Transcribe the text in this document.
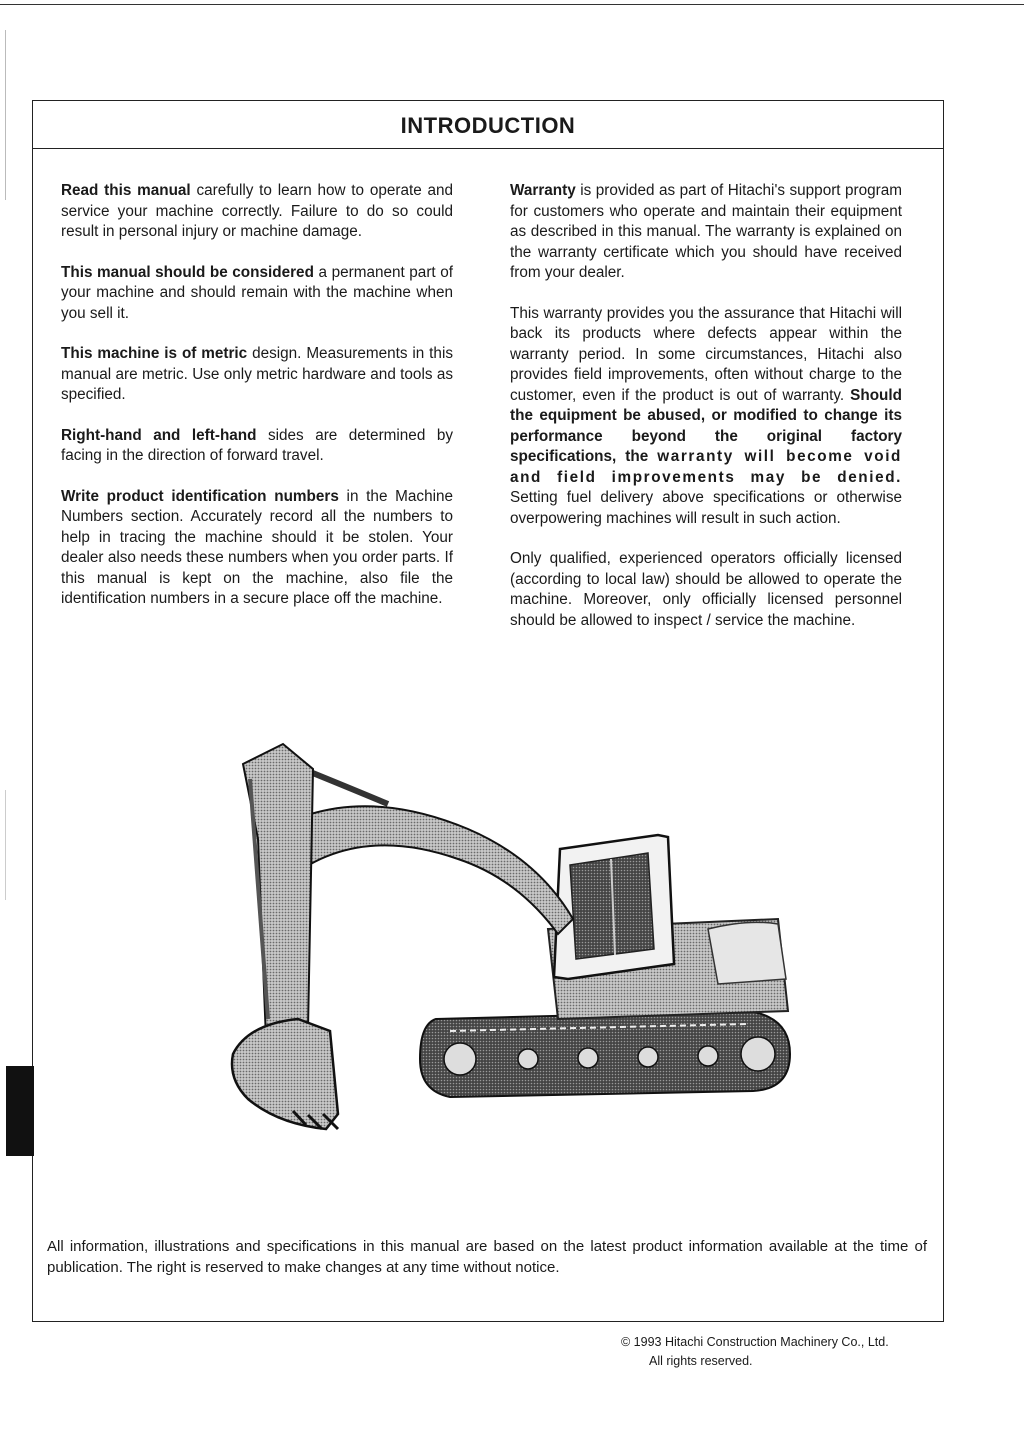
INTRODUCTION

Read this manual carefully to learn how to operate and service your machine correctly. Failure to do so could result in personal injury or machine damage.

This manual should be considered a permanent part of your machine and should remain with the machine when you sell it.

This machine is of metric design. Measurements in this manual are metric. Use only metric hardware and tools as specified.

Right-hand and left-hand sides are determined by facing in the direction of forward travel.

Write product identification numbers in the Machine Numbers section. Accurately record all the numbers to help in tracing the machine should it be stolen. Your dealer also needs these numbers when you order parts. If this manual is kept on the machine, also file the identification numbers in a secure place off the machine.

Warranty is provided as part of Hitachi's support program for customers who operate and maintain their equipment as described in this manual. The warranty is explained on the warranty certificate which you should have received from your dealer.

This warranty provides you the assurance that Hitachi will back its products where defects appear within the warranty period. In some circumstances, Hitachi also provides field improvements, often without charge to the customer, even if the product is out of warranty. Should the equipment be abused, or modified to change its performance beyond the original factory specifications, the warranty will become void and field improvements may be denied. Setting fuel delivery above specifications or otherwise overpowering machines will result in such action.

Only qualified, experienced operators officially licensed (according to local law) should be allowed to operate the machine. Moreover, only officially licensed personnel should be allowed to inspect / service the machine.

All information, illustrations and specifications in this manual are based on the latest product information available at the time of publication. The right is reserved to make changes at any time without notice.
© 1993 Hitachi Construction Machinery Co., Ltd.
All rights reserved.
